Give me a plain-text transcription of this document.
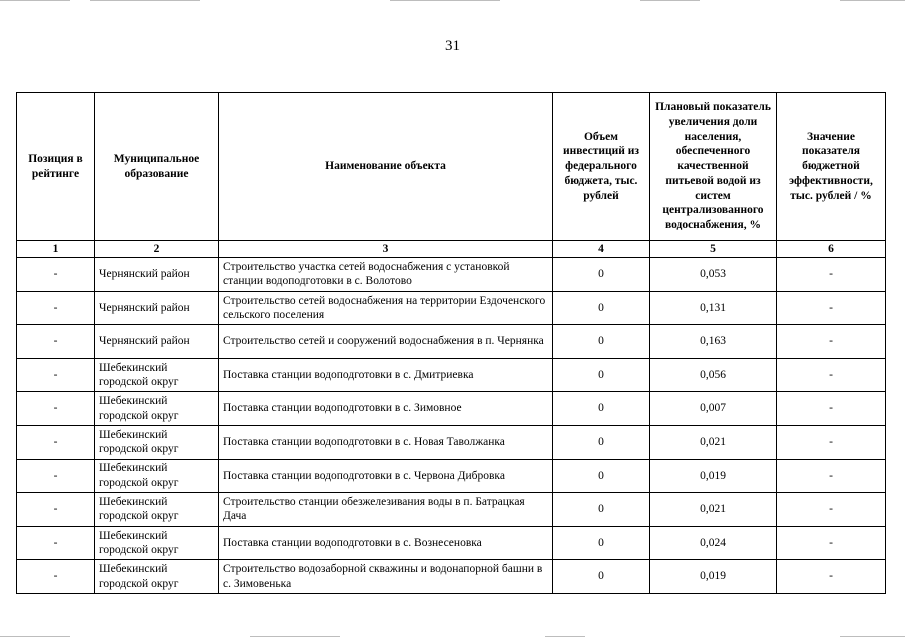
31
Позиция в рейтинге	Муниципальное образование	Наименование объекта	Объем инвестиций из федерального бюджета, тыс. рублей	Плановый показатель увеличения доли населения, обеспеченного качественной питьевой водой из систем централизованного водоснабжения, %	Значение показателя бюджетной эффективности, тыс. рублей / %
1	2	3	4	5	6
-	Чернянский район	Строительство участка сетей водоснабжения с установкой станции водоподготовки в с. Волотово	0	0,053	-
-	Чернянский район	Строительство сетей водоснабжения на территории Ездоченского сельского поселения	0	0,131	-
-	Чернянский район	Строительство сетей и сооружений водоснабжения в п. Чернянка	0	0,163	-
-	Шебекинский городской округ	Поставка станции водоподготовки в с. Дмитриевка	0	0,056	-
-	Шебекинский городской округ	Поставка станции водоподготовки в с. Зимовное	0	0,007	-
-	Шебекинский городской округ	Поставка станции водоподготовки в с. Новая Таволжанка	0	0,021	-
-	Шебекинский городской округ	Поставка станции водоподготовки в с. Червона Дибровка	0	0,019	-
-	Шебекинский городской округ	Строительство станции обезжелезивания воды в п. Батрацкая Дача	0	0,021	-
-	Шебекинский городской округ	Поставка станции водоподготовки в с. Вознесеновка	0	0,024	-
-	Шебекинский городской округ	Строительство водозаборной скважины и водонапорной башни в с. Зимовенька	0	0,019	-
